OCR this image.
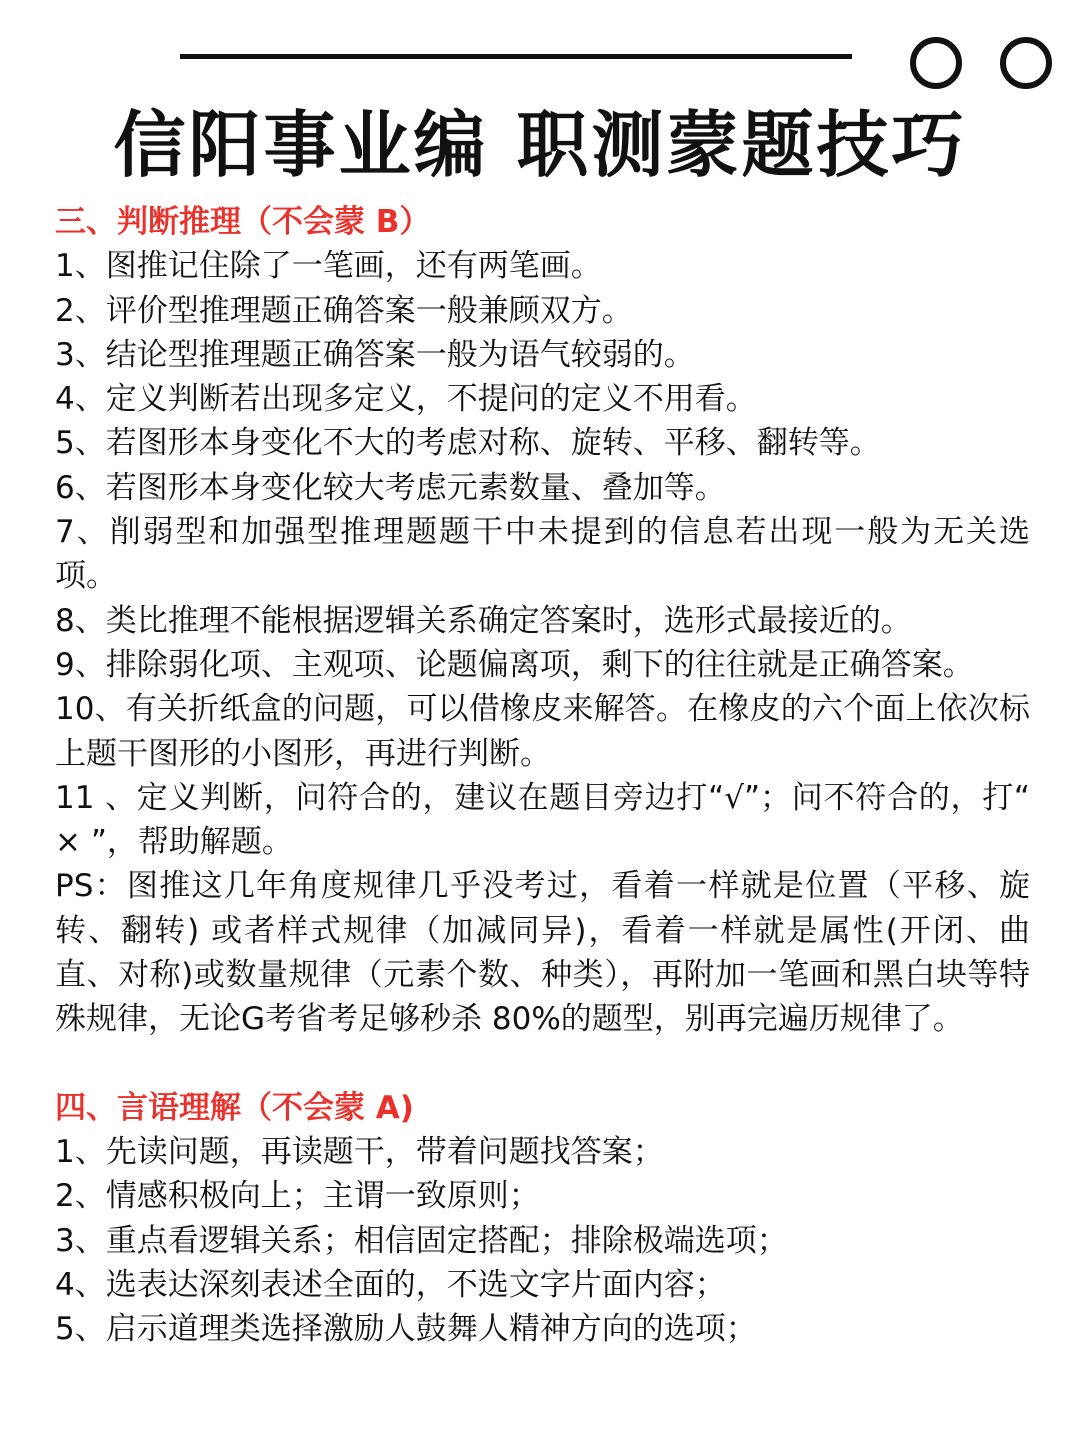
信阳事业编 职测蒙题技巧

三、判断推理（不会蒙 B）

1、图推记住除了一笔画，还有两笔画。

2、评价型推理题正确答案一般兼顾双方。

3、结论型推理题正确答案一般为语气较弱的。

4、定义判断若出现多定义，不提问的定义不用看。

5、若图形本身变化不大的考虑对称、旋转、平移、翻转等。

6、若图形本身变化较大考虑元素数量、叠加等。

7、削弱型和加强型推理题题干中未提到的信息若出现一般为无关选项。

8、类比推理不能根据逻辑关系确定答案时，选形式最接近的。

9、排除弱化项、主观项、论题偏离项，剩下的往往就是正确答案。

10、有关折纸盒的问题，可以借橡皮来解答。在橡皮的六个面上依次标上题干图形的小图形，再进行判断。

11 、定义判断，问符合的，建议在题目旁边打“√”；问不符合的，打“ × ”，帮助解题。

PS：图推这几年角度规律几乎没考过，看着一样就是位置（平移、旋转、翻转) 或者样式规律（加减同异)，看着一样就是属性(开闭、曲直、对称)或数量规律（元素个数、种类），再附加一笔画和黑白块等特殊规律，无论G考省考足够秒杀 80%的题型，别再完遍历规律了。

四、言语理解（不会蒙 A)

1、先读问题，再读题干，带着问题找答案；

2、情感积极向上；主谓一致原则；

3、重点看逻辑关系；相信固定搭配；排除极端选项；

4、选表达深刻表述全面的，不选文字片面内容；

5、启示道理类选择激励人鼓舞人精神方向的选项；
